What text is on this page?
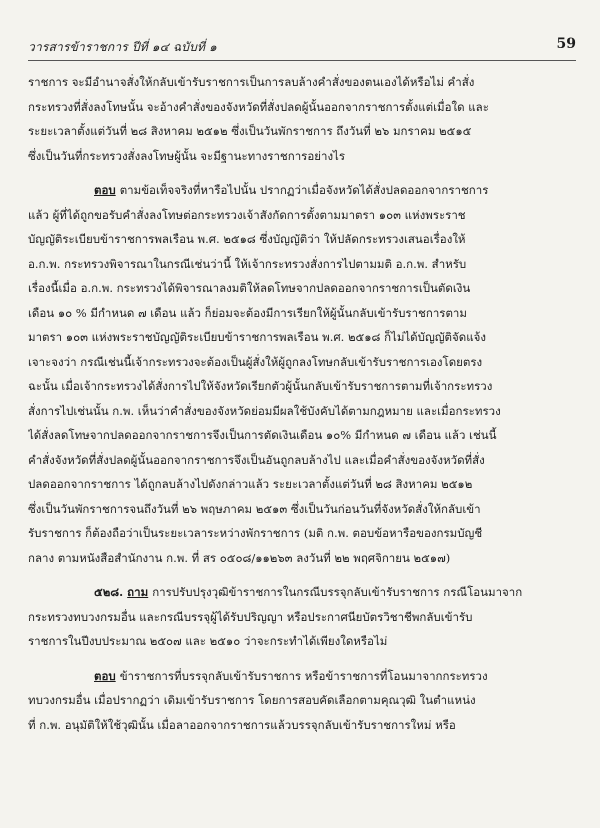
วารสารข้าราชการ ปีที่ ๑๔ ฉบับที่ ๑	59
ราชการ จะมีอำนาจสั่งให้กลับเข้ารับราชการเป็นการลบล้างคำสั่งของตนเองได้หรือไม่ คำสั่ง
กระทรวงที่สั่งลงโทษนั้น จะอ้างคำสั่งของจังหวัดที่สั่งปลดผู้นั้นออกจากราชการตั้งแต่เมื่อใด และ
ระยะเวลาตั้งแต่วันที่ ๒๘ สิงหาคม ๒๕๑๒ ซึ่งเป็นวันพักราชการ ถึงวันที่ ๒๖ มกราคม ๒๕๑๕
ซึ่งเป็นวันที่กระทรวงสั่งลงโทษผู้นั้น จะมีฐานะทางราชการอย่างไร
ตอบ ตามข้อเท็จจริงที่หารือไปนั้น ปรากฏว่าเมื่อจังหวัดได้สั่งปลดออกจากราชการ
แล้ว ผู้ที่ได้ถูกขอรับคำสั่งลงโทษต่อกระทรวงเจ้าสังกัดการตั้งตามมาตรา ๑๐๓ แห่งพระราช
บัญญัติระเบียบข้าราชการพลเรือน พ.ศ. ๒๕๑๘ ซึ่งบัญญัติว่า ให้ปลัดกระทรวงเสนอเรื่องให้
อ.ก.พ. กระทรวงพิจารณาในกรณีเช่นว่านี้ ให้เจ้ากระทรวงสั่งการไปตามมติ อ.ก.พ. สำหรับ
เรื่องนี้เมื่อ อ.ก.พ. กระทรวงได้พิจารณาลงมติให้ลดโทษจากปลดออกจากราชการเป็นตัดเงิน
เดือน ๑๐ % มีกำหนด ๗ เดือน แล้ว ก็ย่อมจะต้องมีการเรียกให้ผู้นั้นกลับเข้ารับราชการตาม
มาตรา ๑๐๓ แห่งพระราชบัญญัติระเบียบข้าราชการพลเรือน พ.ศ. ๒๕๑๘ ก็ไม่ได้บัญญัติจัดแจ้ง
เจาะจงว่า กรณีเช่นนี้เจ้ากระทรวงจะต้องเป็นผู้สั่งให้ผู้ถูกลงโทษกลับเข้ารับราชการเองโดยตรง
ฉะนั้น เมื่อเจ้ากระทรวงได้สั่งการไปให้จังหวัดเรียกตัวผู้นั้นกลับเข้ารับราชการตามที่เจ้ากระทรวง
สั่งการไปเช่นนั้น ก.พ. เห็นว่าคำสั่งของจังหวัดย่อมมีผลใช้บังคับได้ตามกฎหมาย และเมื่อกระทรวง
ได้สั่งลดโทษจากปลดออกจากราชการจึงเป็นการตัดเงินเดือน ๑๐% มีกำหนด ๗ เดือน แล้ว เช่นนี้
คำสั่งจังหวัดที่สั่งปลดผู้นั้นออกจากราชการจึงเป็นอันถูกลบล้างไป และเมื่อคำสั่งของจังหวัดที่สั่ง
ปลดออกจากราชการ ได้ถูกลบล้างไปดังกล่าวแล้ว ระยะเวลาตั้งแต่วันที่ ๒๘ สิงหาคม ๒๕๑๒
ซึ่งเป็นวันพักราชการจนถึงวันที่ ๒๖ พฤษภาคม ๒๕๑๓ ซึ่งเป็นวันก่อนวันที่จังหวัดสั่งให้กลับเข้า
รับราชการ ก็ต้องถือว่าเป็นระยะเวลาระหว่างพักราชการ (มติ ก.พ. ตอบข้อหารือของกรมบัญชี
กลาง ตามหนังสือสำนักงาน ก.พ. ที่ สร ๐๕๐๘/๑๑๒๖๓ ลงวันที่ ๒๒ พฤศจิกายน ๒๕๑๗)
๕๒๘. ถาม การปรับปรุงวุฒิข้าราชการในกรณีบรรจุกลับเข้ารับราชการ กรณีโอนมาจาก
กระทรวงทบวงกรมอื่น และกรณีบรรจุผู้ได้รับปริญญา หรือประกาศนียบัตรวิชาชีพกลับเข้ารับ
ราชการในปีงบประมาณ ๒๕๐๗ และ ๒๕๑๐ ว่าจะกระทำได้เพียงใดหรือไม่
ตอบ ข้าราชการที่บรรจุกลับเข้ารับราชการ หรือข้าราชการที่โอนมาจากกระทรวง
ทบวงกรมอื่น เมื่อปรากฏว่า เดิมเข้ารับราชการ โดยการสอบคัดเลือกตามคุณวุฒิ ในตำแหน่ง
ที่ ก.พ. อนุมัติให้ใช้วุฒินั้น เมื่อลาออกจากราชการแล้วบรรจุกลับเข้ารับราชการใหม่ หรือ
